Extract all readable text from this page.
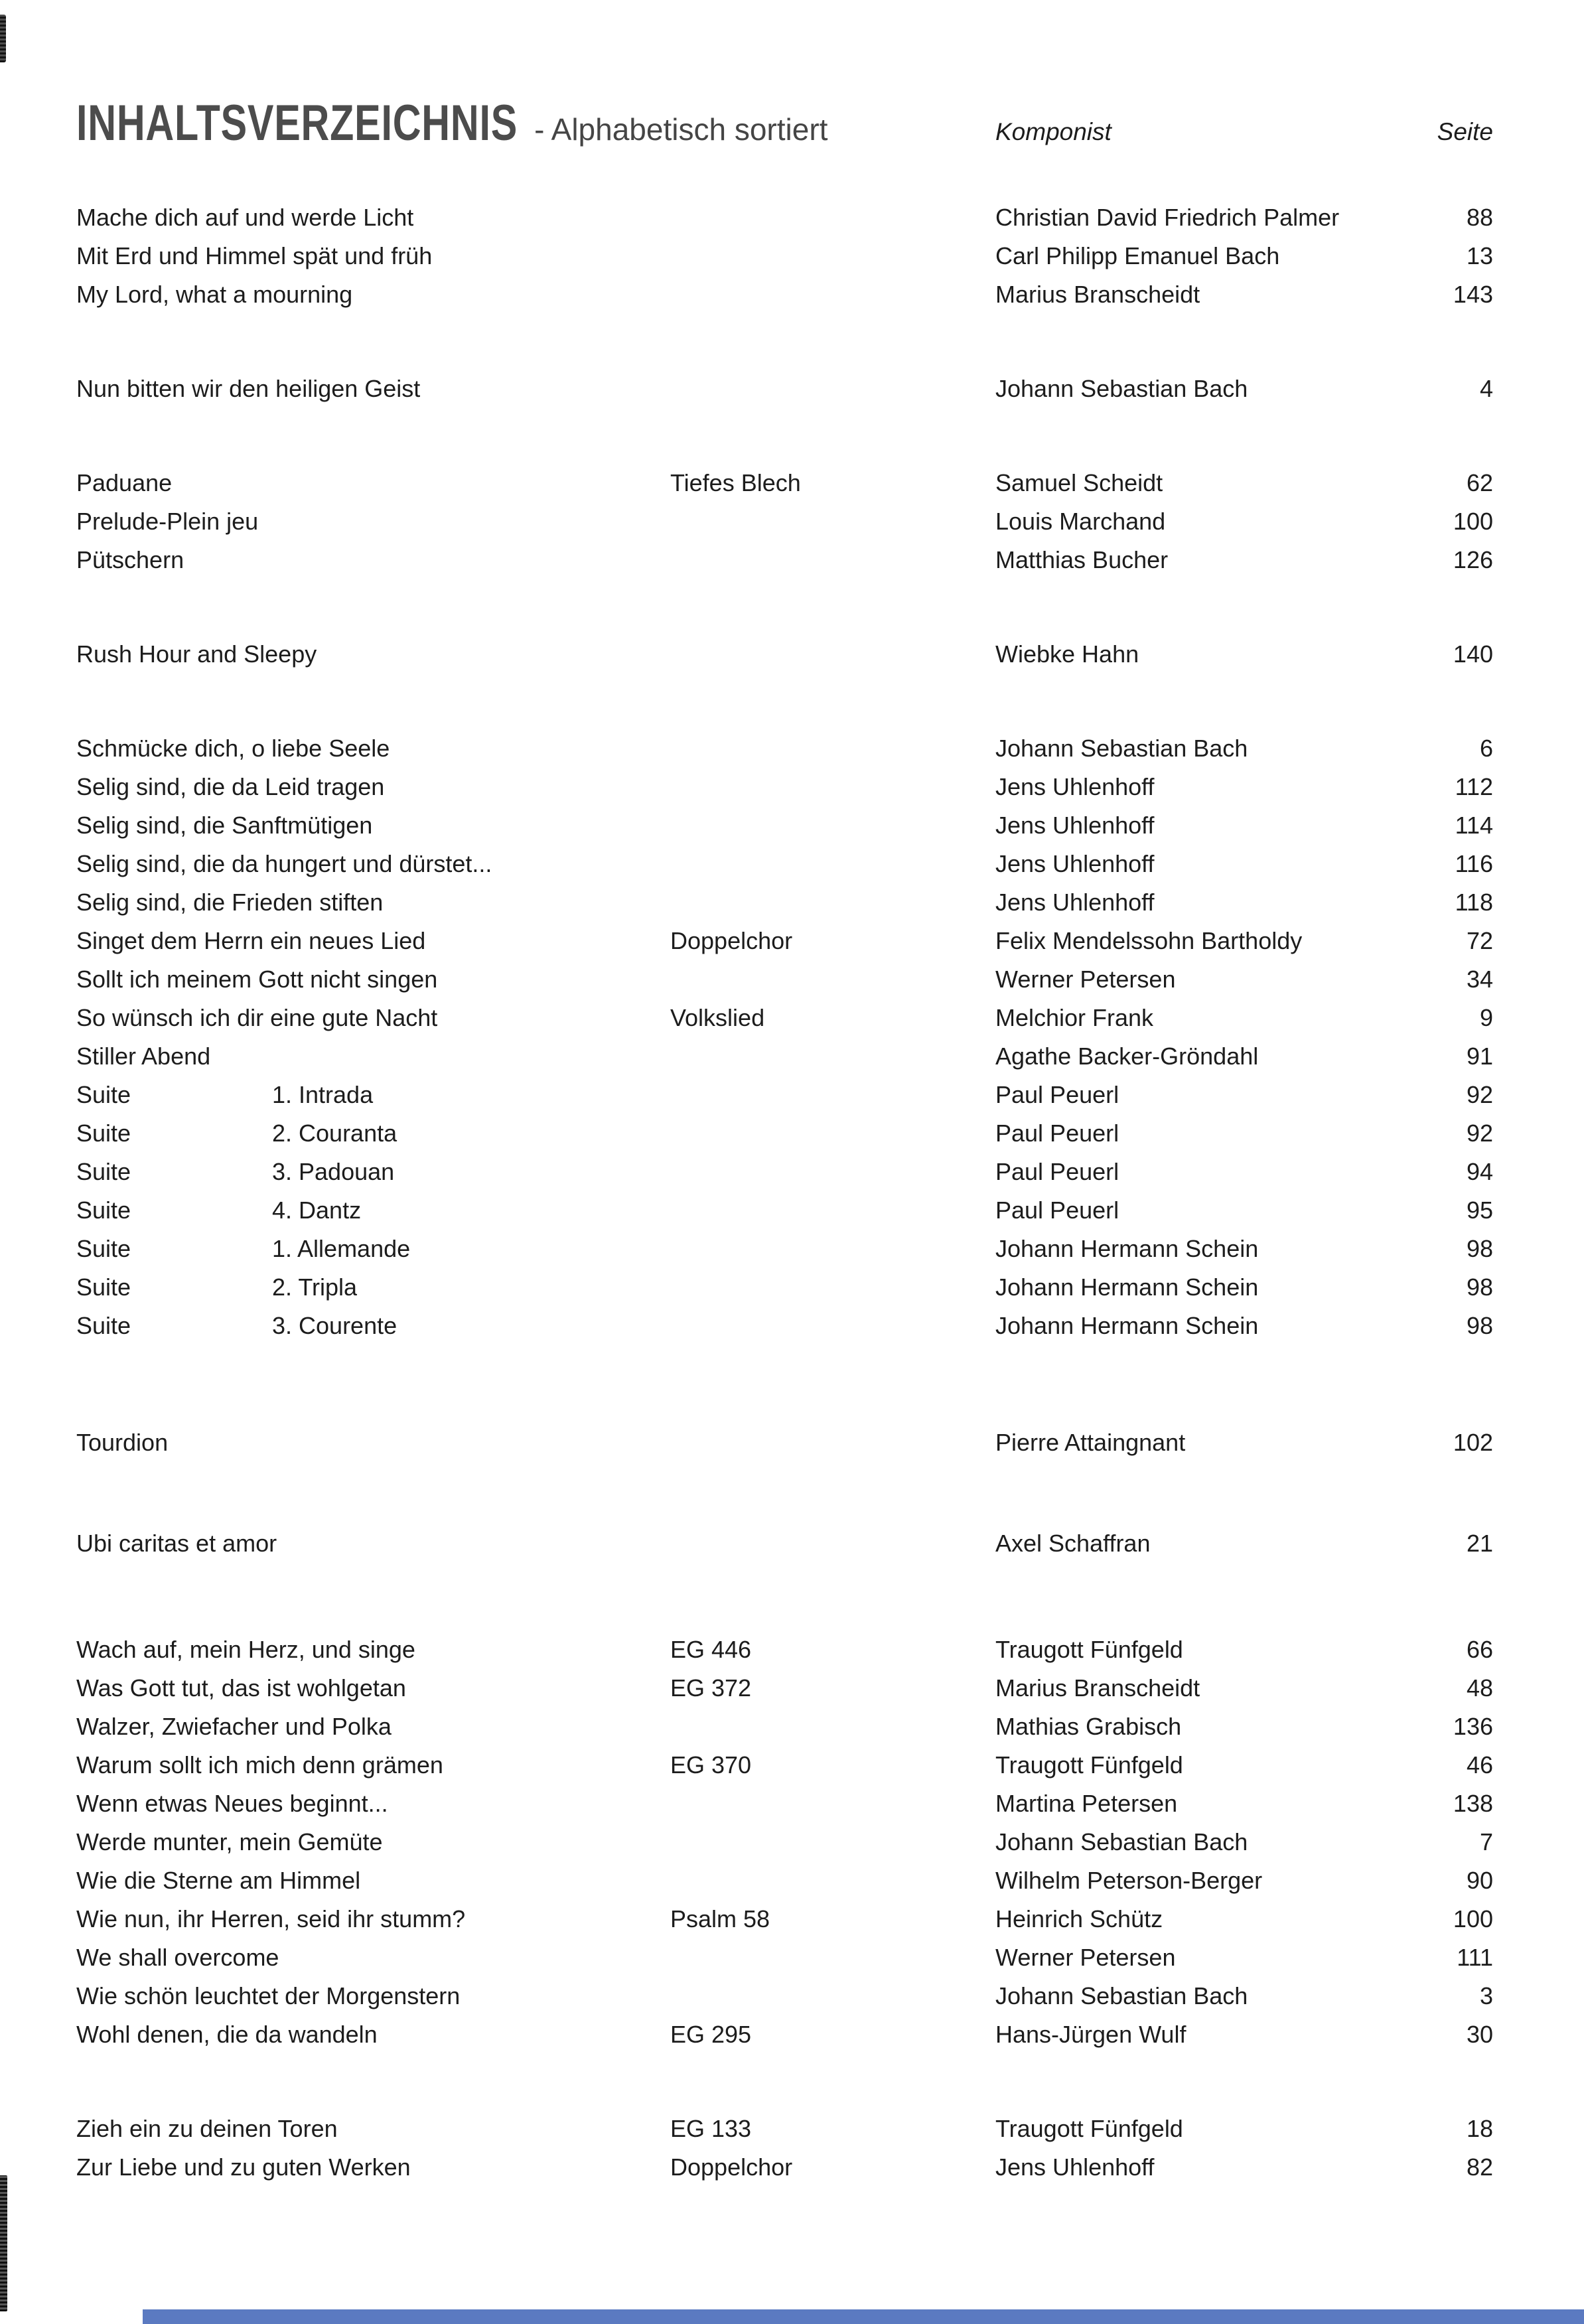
INHALTSVERZEICHNIS - Alphabetisch sortiert	Komponist	Seite
Mache dich auf und werde Licht	Christian David Friedrich Palmer	88
Mit Erd und Himmel spät und früh	Carl Philipp Emanuel Bach	13
My Lord, what a mourning	Marius Branscheidt	143
Nun bitten wir den heiligen Geist	Johann Sebastian Bach	4
Paduane	Tiefes Blech	Samuel Scheidt	62
Prelude-Plein jeu	Louis Marchand	100
Pütschern	Matthias Bucher	126
Rush Hour and Sleepy	Wiebke Hahn	140
Schmücke dich, o liebe Seele	Johann Sebastian Bach	6
Selig sind, die da Leid tragen	Jens Uhlenhoff	112
Selig sind, die Sanftmütigen	Jens Uhlenhoff	114
Selig sind, die da hungert und dürstet...	Jens Uhlenhoff	116
Selig sind, die Frieden stiften	Jens Uhlenhoff	118
Singet dem Herrn ein neues Lied	Doppelchor	Felix Mendelssohn Bartholdy	72
Sollt ich meinem Gott nicht singen	Werner Petersen	34
So wünsch ich dir eine gute Nacht	Volkslied	Melchior Frank	9
Stiller Abend	Agathe Backer-Gröndahl	91
Suite	1. Intrada	Paul Peuerl	92
Suite	2. Couranta	Paul Peuerl	92
Suite	3. Padouan	Paul Peuerl	94
Suite	4. Dantz	Paul Peuerl	95
Suite	1. Allemande	Johann Hermann Schein	98
Suite	2. Tripla	Johann Hermann Schein	98
Suite	3. Courente	Johann Hermann Schein	98
Tourdion	Pierre Attaingnant	102
Ubi caritas et amor	Axel Schaffran	21
Wach auf, mein Herz, und singe	EG 446	Traugott Fünfgeld	66
Was Gott tut, das ist wohlgetan	EG 372	Marius Branscheidt	48
Walzer, Zwiefacher und Polka	Mathias Grabisch	136
Warum sollt ich mich denn grämen	EG 370	Traugott Fünfgeld	46
Wenn etwas Neues beginnt...	Martina Petersen	138
Werde munter, mein Gemüte	Johann Sebastian Bach	7
Wie die Sterne am Himmel	Wilhelm Peterson-Berger	90
Wie nun, ihr Herren, seid ihr stumm?	Psalm 58	Heinrich Schütz	100
We shall overcome	Werner Petersen	111
Wie schön leuchtet der Morgenstern	Johann Sebastian Bach	3
Wohl denen, die da wandeln	EG 295	Hans-Jürgen Wulf	30
Zieh ein zu deinen Toren	EG 133	Traugott Fünfgeld	18
Zur Liebe und zu guten Werken	Doppelchor	Jens Uhlenhoff	82
